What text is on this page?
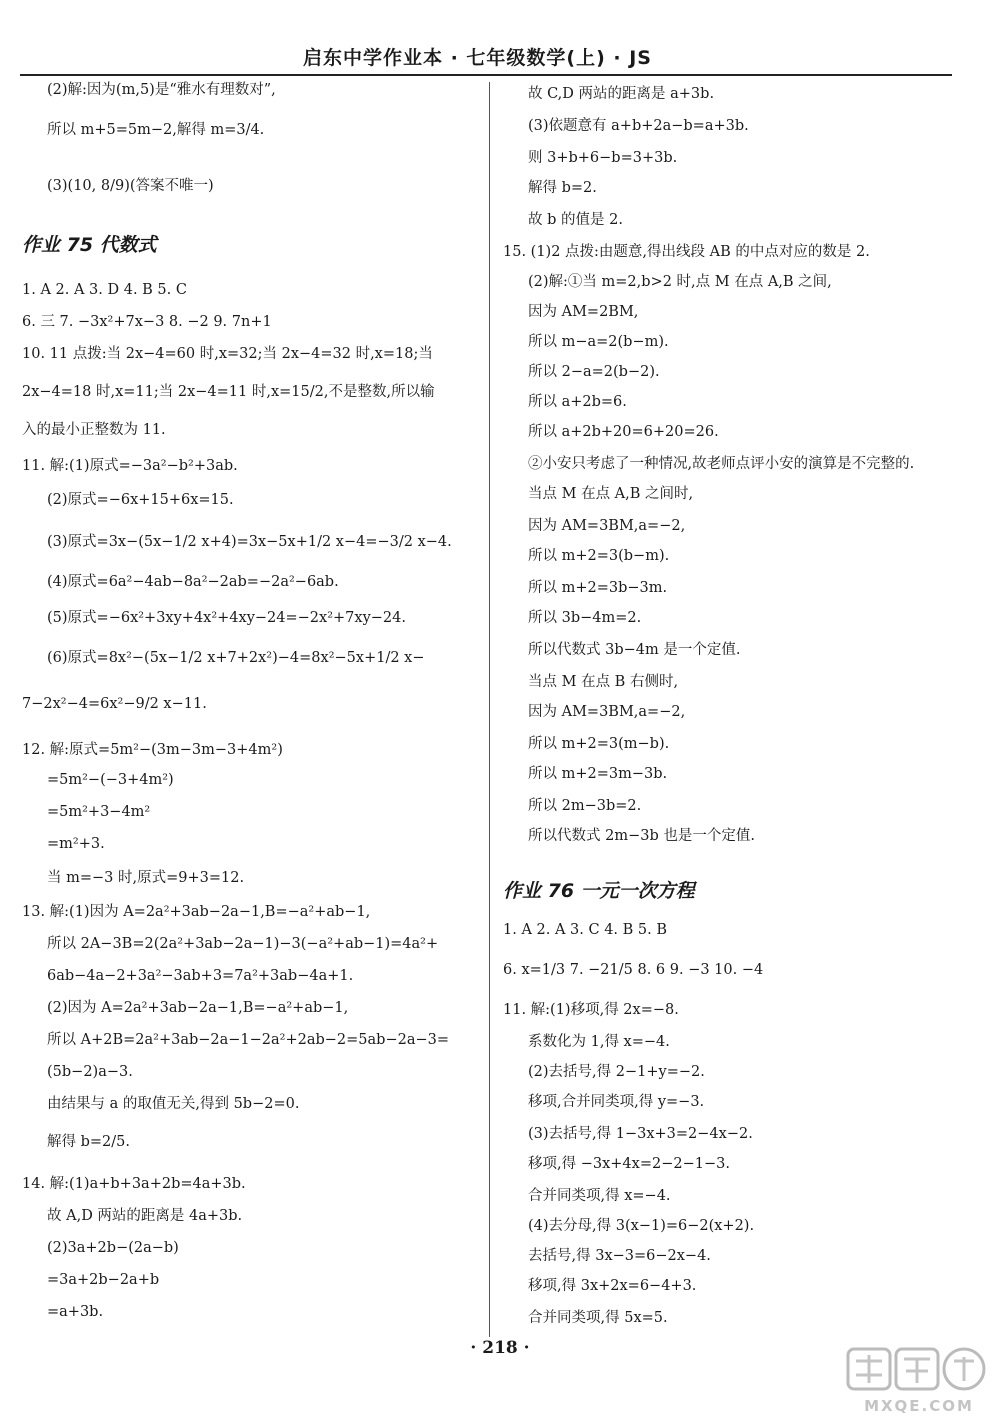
启东中学作业本 · 七年级数学(上) · JS
(2)解:因为(m,5)是“雅水有理数对”,
所以 m+5=5m−2,解得 m=3/4.
(3)(10, 8/9)(答案不唯一)
作业 75 代数式
1. A 2. A 3. D 4. B 5. C
6. 三 7. −3x²+7x−3 8. −2 9. 7n+1
10. 11 点拨:当 2x−4=60 时,x=32;当 2x−4=32 时,x=18;当
2x−4=18 时,x=11;当 2x−4=11 时,x=15/2,不是整数,所以输
入的最小正整数为 11.
11. 解:(1)原式=−3a²−b²+3ab.
(2)原式=−6x+15+6x=15.
(3)原式=3x−(5x−1/2 x+4)=3x−5x+1/2 x−4=−3/2 x−4.
(4)原式=6a²−4ab−8a²−2ab=−2a²−6ab.
(5)原式=−6x²+3xy+4x²+4xy−24=−2x²+7xy−24.
(6)原式=8x²−(5x−1/2 x+7+2x²)−4=8x²−5x+1/2 x−
7−2x²−4=6x²−9/2 x−11.
12. 解:原式=5m²−(3m−3m−3+4m²)
=5m²−(−3+4m²)
=5m²+3−4m²
=m²+3.
当 m=−3 时,原式=9+3=12.
13. 解:(1)因为 A=2a²+3ab−2a−1,B=−a²+ab−1,
所以 2A−3B=2(2a²+3ab−2a−1)−3(−a²+ab−1)=4a²+
6ab−4a−2+3a²−3ab+3=7a²+3ab−4a+1.
(2)因为 A=2a²+3ab−2a−1,B=−a²+ab−1,
所以 A+2B=2a²+3ab−2a−1−2a²+2ab−2=5ab−2a−3=
(5b−2)a−3.
由结果与 a 的取值无关,得到 5b−2=0.
解得 b=2/5.
14. 解:(1)a+b+3a+2b=4a+3b.
故 A,D 两站的距离是 4a+3b.
(2)3a+2b−(2a−b)
=3a+2b−2a+b
=a+3b.
故 C,D 两站的距离是 a+3b.
(3)依题意有 a+b+2a−b=a+3b.
则 3+b+6−b=3+3b.
解得 b=2.
故 b 的值是 2.
15. (1)2 点拨:由题意,得出线段 AB 的中点对应的数是 2.
(2)解:①当 m=2,b>2 时,点 M 在点 A,B 之间,
因为 AM=2BM,
所以 m−a=2(b−m).
所以 2−a=2(b−2).
所以 a+2b=6.
所以 a+2b+20=6+20=26.
②小安只考虑了一种情况,故老师点评小安的演算是不完整的.
当点 M 在点 A,B 之间时,
因为 AM=3BM,a=−2,
所以 m+2=3(b−m).
所以 m+2=3b−3m.
所以 3b−4m=2.
所以代数式 3b−4m 是一个定值.
当点 M 在点 B 右侧时,
因为 AM=3BM,a=−2,
所以 m+2=3(m−b).
所以 m+2=3m−3b.
所以 2m−3b=2.
所以代数式 2m−3b 也是一个定值.
作业 76 一元一次方程
1. A 2. A 3. C 4. B 5. B
6. x=1/3 7. −21/5 8. 6 9. −3 10. −4
11. 解:(1)移项,得 2x=−8.
系数化为 1,得 x=−4.
(2)去括号,得 2−1+y=−2.
移项,合并同类项,得 y=−3.
(3)去括号,得 1−3x+3=2−4x−2.
移项,得 −3x+4x=2−2−1−3.
合并同类项,得 x=−4.
(4)去分母,得 3(x−1)=6−2(x+2).
去括号,得 3x−3=6−2x−4.
移项,得 3x+2x=6−4+3.
合并同类项,得 5x=5.
· 218 ·
MXQE.COM
